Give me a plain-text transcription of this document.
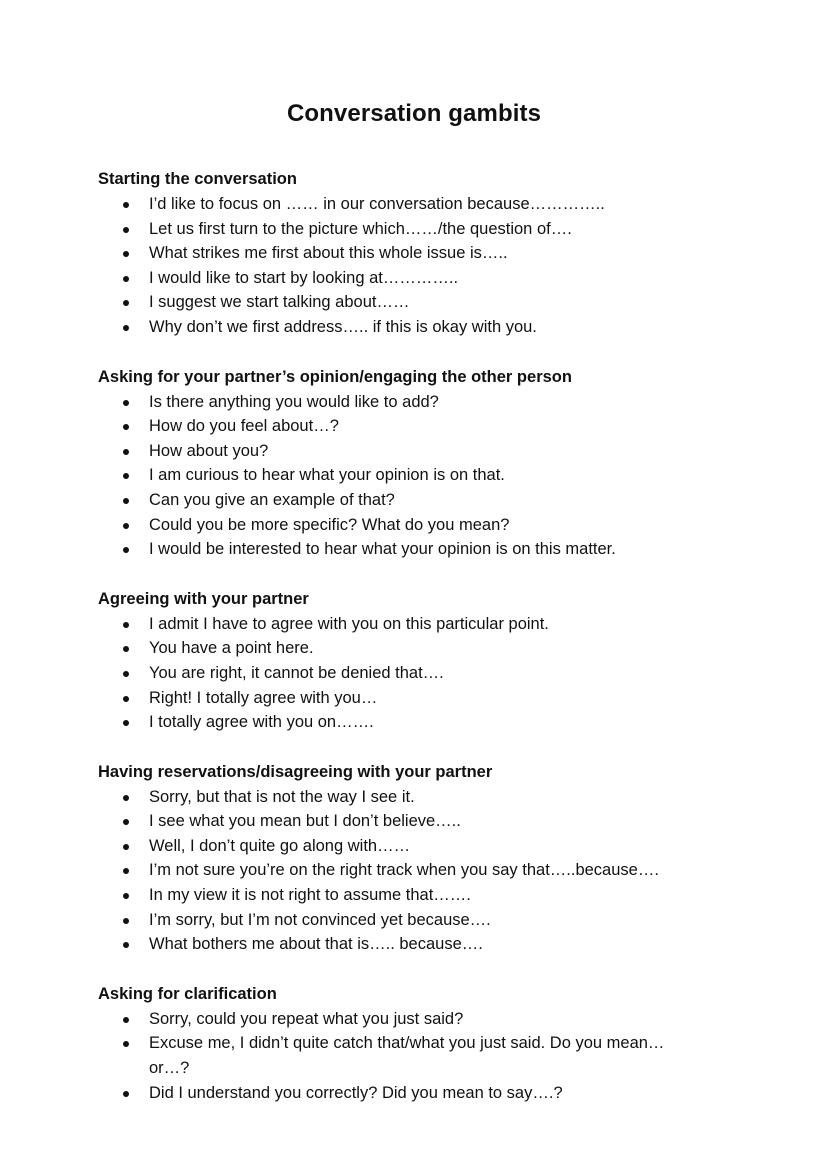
Conversation gambits

Starting the conversation

I’d like to focus on …… in our conversation because…………..
Let us first turn to the picture which……/the question of….
What strikes me first about this whole issue is…..
I would like to start by looking at…………..
I suggest we start talking about……
Why don’t we first address….. if this is okay with you.

Asking for your partner’s opinion/engaging the other person

Is there anything you would like to add?
How do you feel about…?
How about you?
I am curious to hear what your opinion is on that.
Can you give an example of that?
Could you be more specific? What do you mean?
I would be interested to hear what your opinion is on this matter.

Agreeing with your partner

I admit I have to agree with you on this particular point.
You have a point here.
You are right, it cannot be denied that….
Right! I totally agree with you…
I totally agree with you on…….

Having reservations/disagreeing with your partner

Sorry, but that is not the way I see it.
I see what you mean but I don’t believe…..
Well, I don’t quite go along with……
I’m not sure you’re on the right track when you say that…..because….
In my view it is not right to assume that…….
I’m sorry, but I’m not convinced yet because….
What bothers me about that is….. because….

Asking for clarification

Sorry, could you repeat what you just said?
Excuse me, I didn’t quite catch that/what you just said. Do you mean… or…?
Did I understand you correctly? Did you mean to say….?
